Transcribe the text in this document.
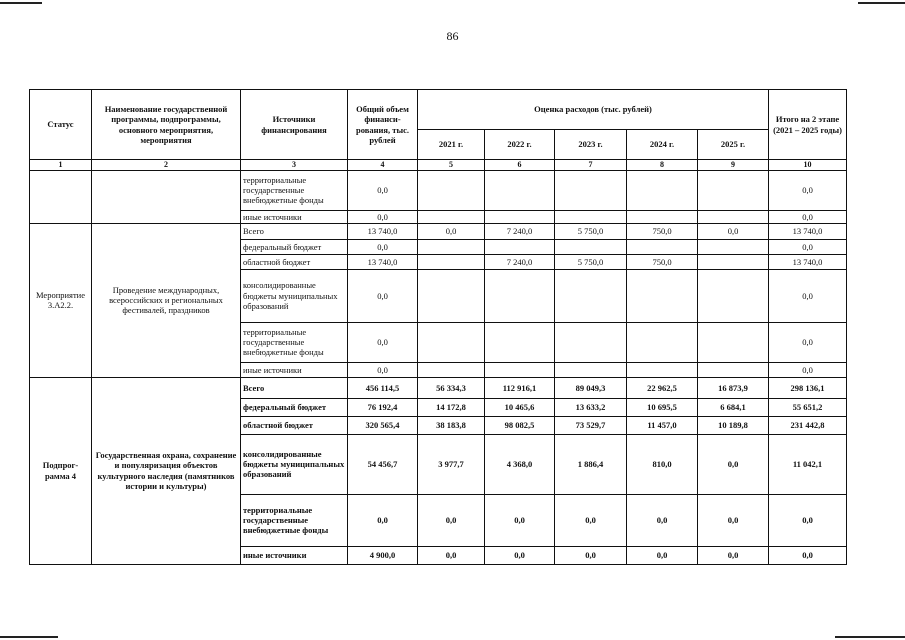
86
Статус	Наименование государственной программы, подпрограммы, основного мероприятия, мероприятия	Источники финансирования	Общий объем финанси-рования, тыс. рублей	Оценка расходов (тыс. рублей)					Итого на 2 этапе (2021 – 2025 годы)
				2021 г.	2022 г.	2023 г.	2024 г.	2025 г.	
1	2	3	4	5	6	7	8	9	10
		территориальные государственные внебюджетные фонды	0,0						0,0
		иные источники	0,0						0,0
Мероприятие 3.А2.2.	Проведение международных, всероссийских и региональных фестивалей, праздников	Всего	13 740,0	0,0	7 240,0	5 750,0	750,0	0,0	13 740,0
		федеральный бюджет	0,0						0,0
		областной бюджет	13 740,0		7 240,0	5 750,0	750,0		13 740,0
		консолидированные бюджеты муниципальных образований	0,0						0,0
		территориальные государственные внебюджетные фонды	0,0						0,0
		иные источники	0,0						0,0
Подпрог-рамма 4	Государственная охрана, сохранение и популяризация объектов культурного наследия (памятников истории и культуры)	Всего	456 114,5	56 334,3	112 916,1	89 049,3	22 962,5	16 873,9	298 136,1
		федеральный бюджет	76 192,4	14 172,8	10 465,6	13 633,2	10 695,5	6 684,1	55 651,2
		областной бюджет	320 565,4	38 183,8	98 082,5	73 529,7	11 457,0	10 189,8	231 442,8
		консолидированные бюджеты муниципальных образований	54 456,7	3 977,7	4 368,0	1 886,4	810,0	0,0	11 042,1
		территориальные государственные внебюджетные фонды	0,0	0,0	0,0	0,0	0,0	0,0	0,0
		иные источники	4 900,0	0,0	0,0	0,0	0,0	0,0	0,0
